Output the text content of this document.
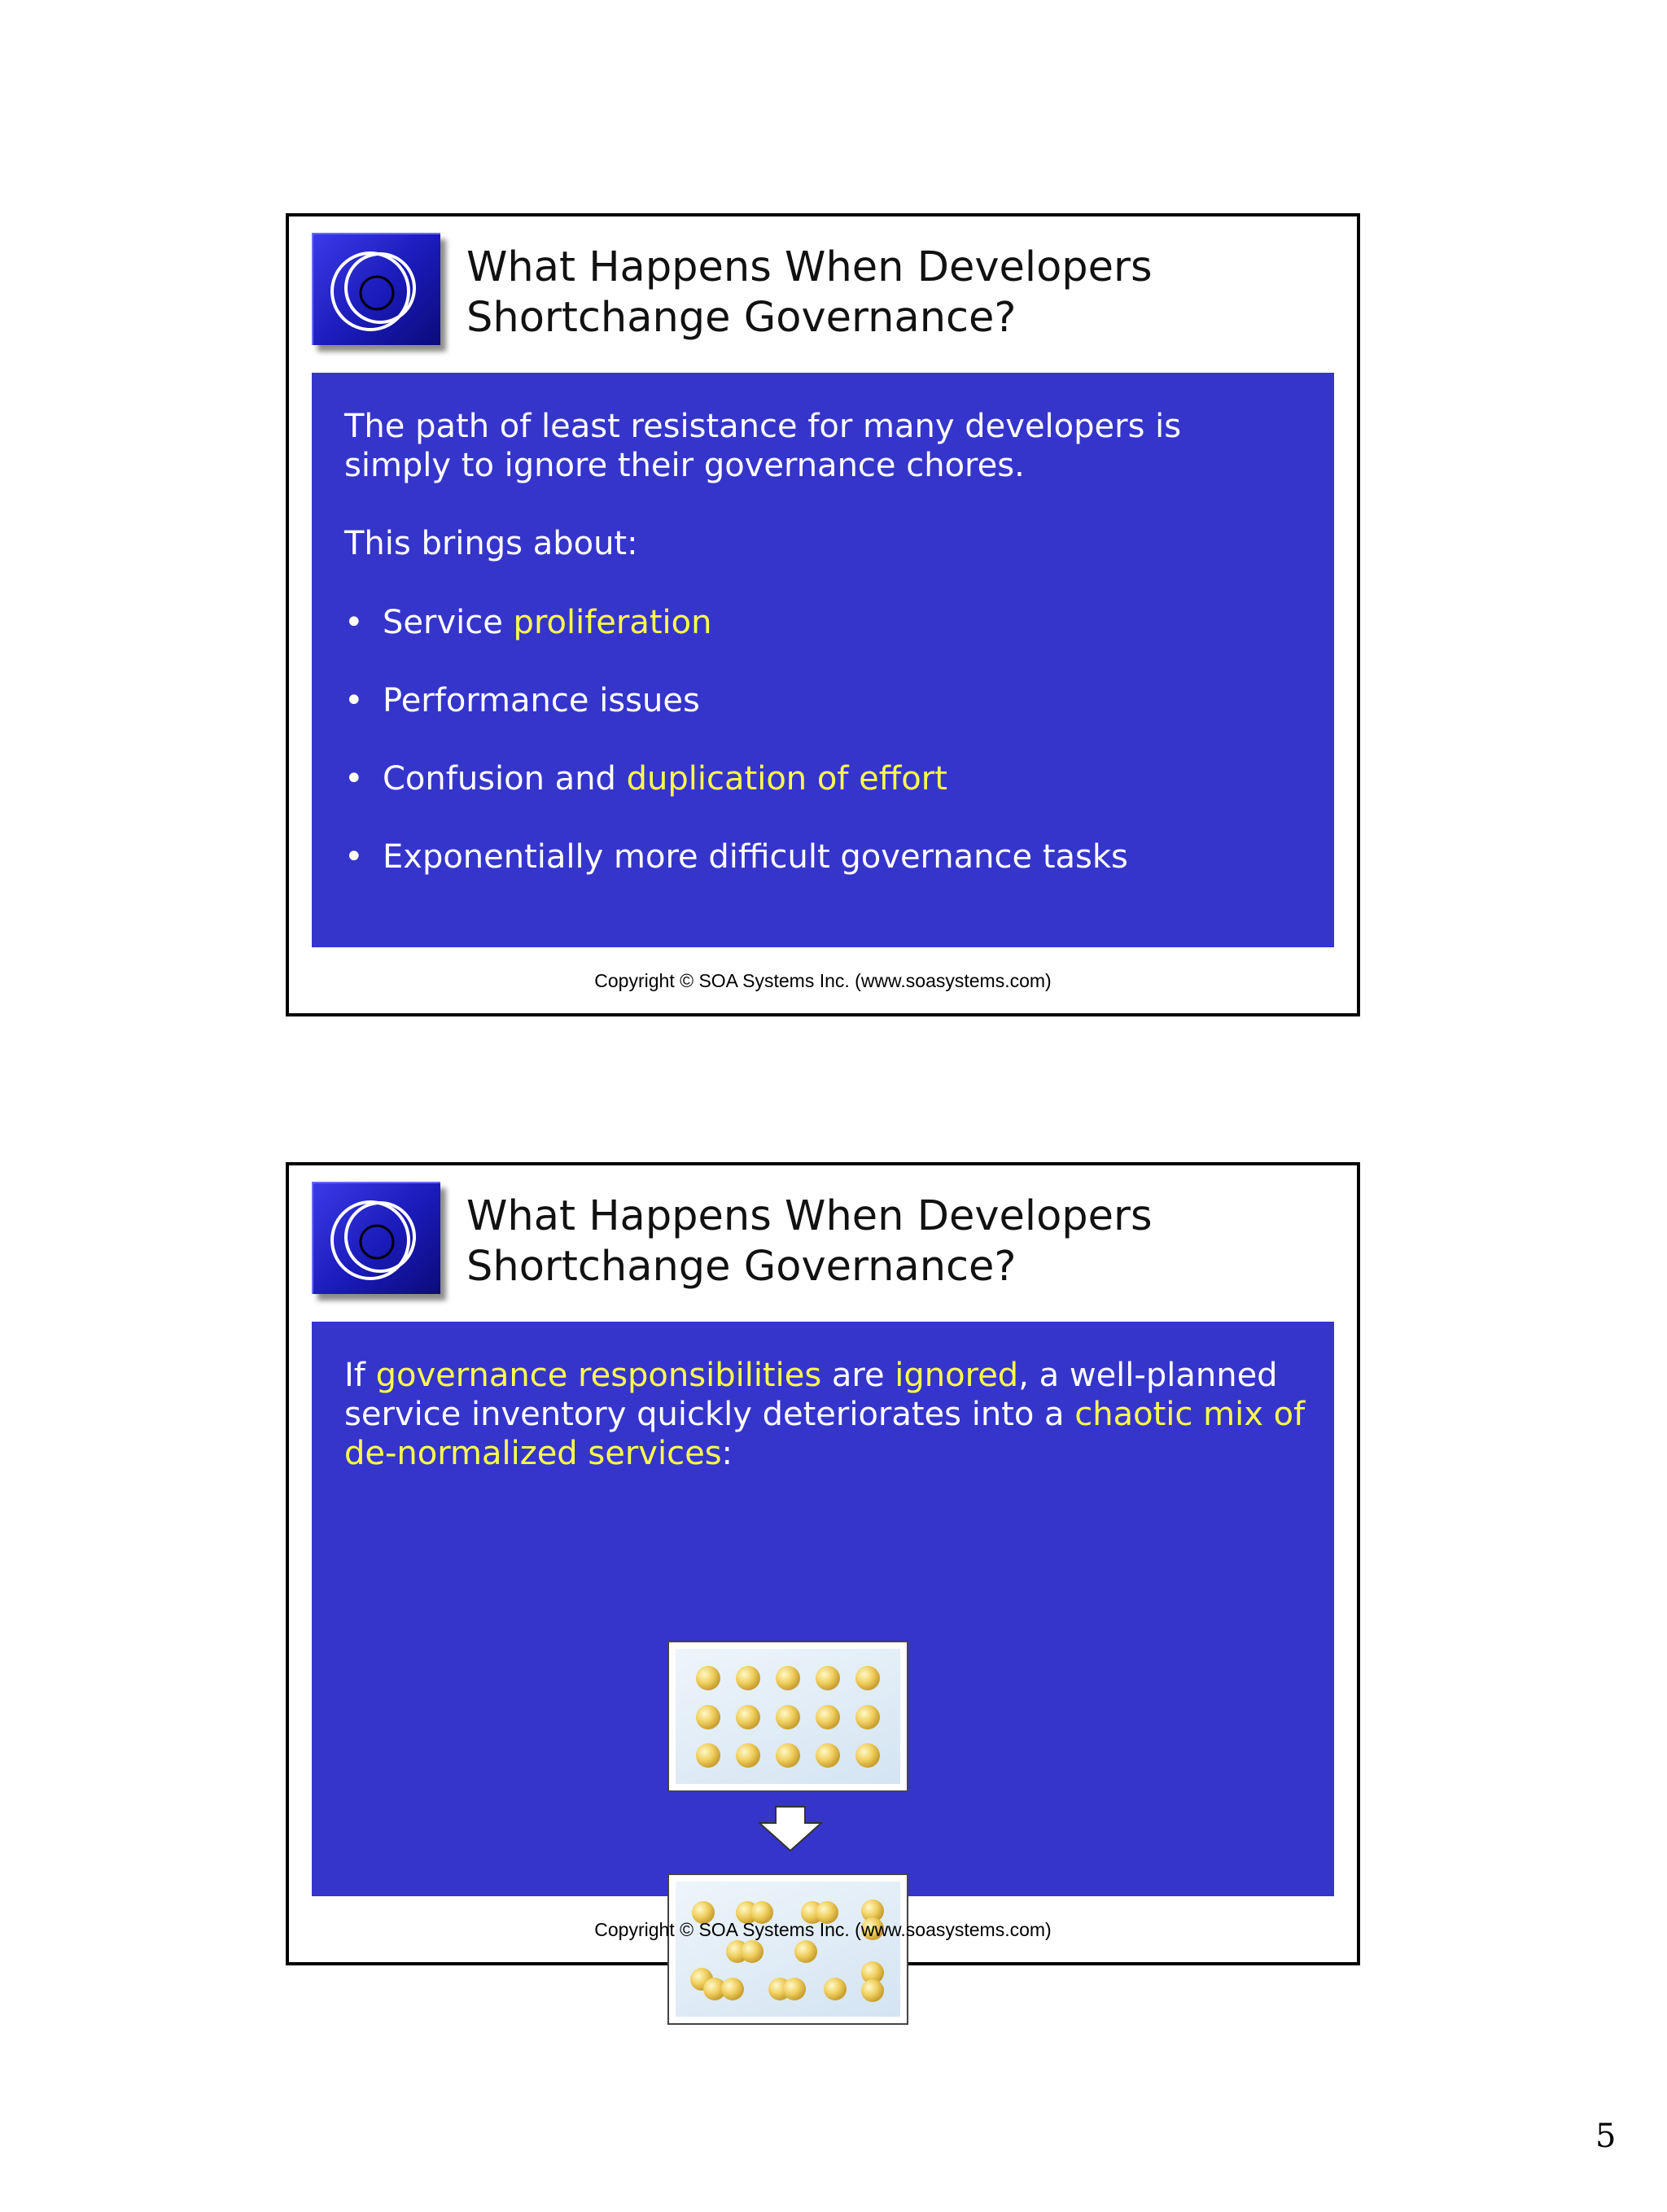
What Happens When Developers
Shortchange Governance?
The path of least resistance for many developers is
simply to ignore their governance chores.
This brings about:
• Service proliferation
• Performance issues
• Confusion and duplication of effort
• Exponentially more difficult governance tasks
Copyright © SOA Systems Inc. (www.soasystems.com)
What Happens When Developers
Shortchange Governance?
If governance responsibilities are ignored, a well-planned
service inventory quickly deteriorates into a chaotic mix of
de-normalized services:
Copyright © SOA Systems Inc. (www.soasystems.com)
5
